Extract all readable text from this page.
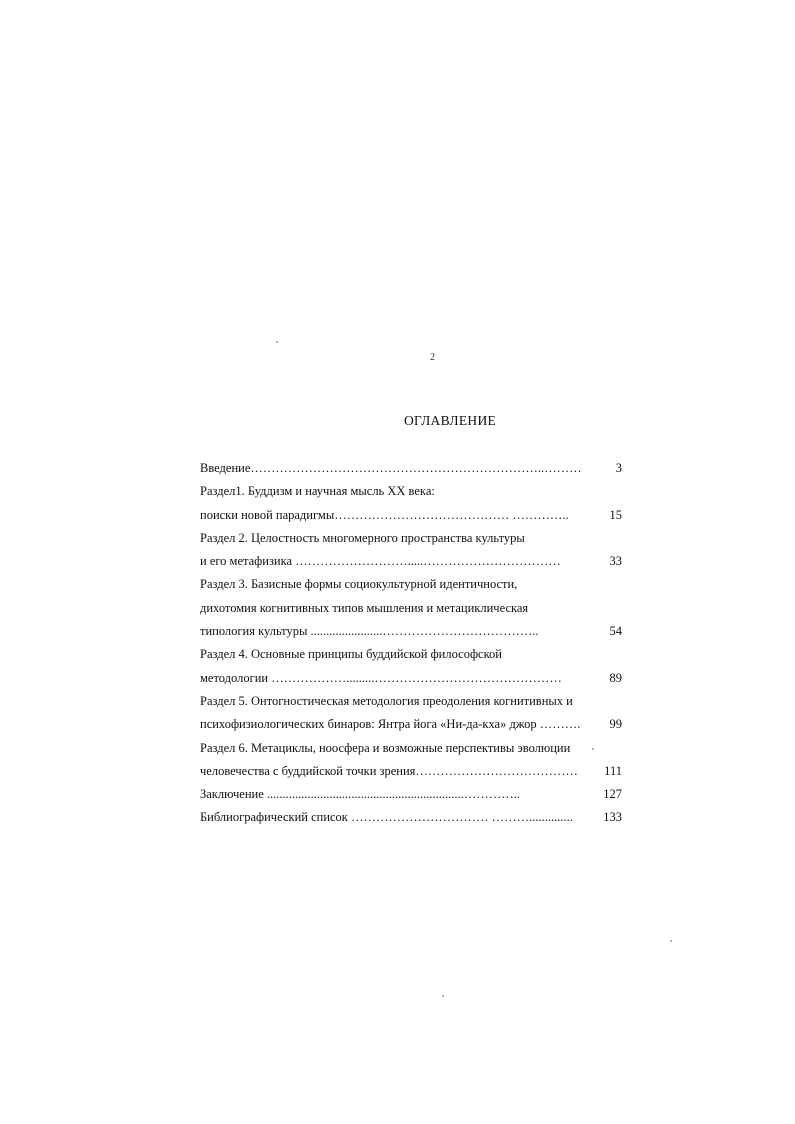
2
ОГЛАВЛЕНИЕ
Введение……………………………………………………………..………	3
Раздел1. Буддизм и научная мысль XX века:
поиски новой парадигмы…………………………………… …………..	15
Раздел 2. Целостность многомерного пространства культуры
и его метафизика ……………………….....……………………………	33
Раздел 3. Базисные формы социокультурной идентичности,
дихотомия когнитивных типов мышления и метациклическая
типология культуры .......................………………………………..	54
Раздел 4. Основные принципы буддийской философской
методологии ……………….........………………………………………	89
Раздел 5. Онтогностическая методология преодоления когнитивных и
психофизиологических бинаров: Янтра йога «Ни-да-кха» джор ……….	99
Раздел 6. Метациклы, ноосфера и возможные перспективы эволюции
человечества с буддийской точки зрения…………………………………	111
Заключение ...............................................................…………..	127
Библиографический список …………………………… ………..............	133
